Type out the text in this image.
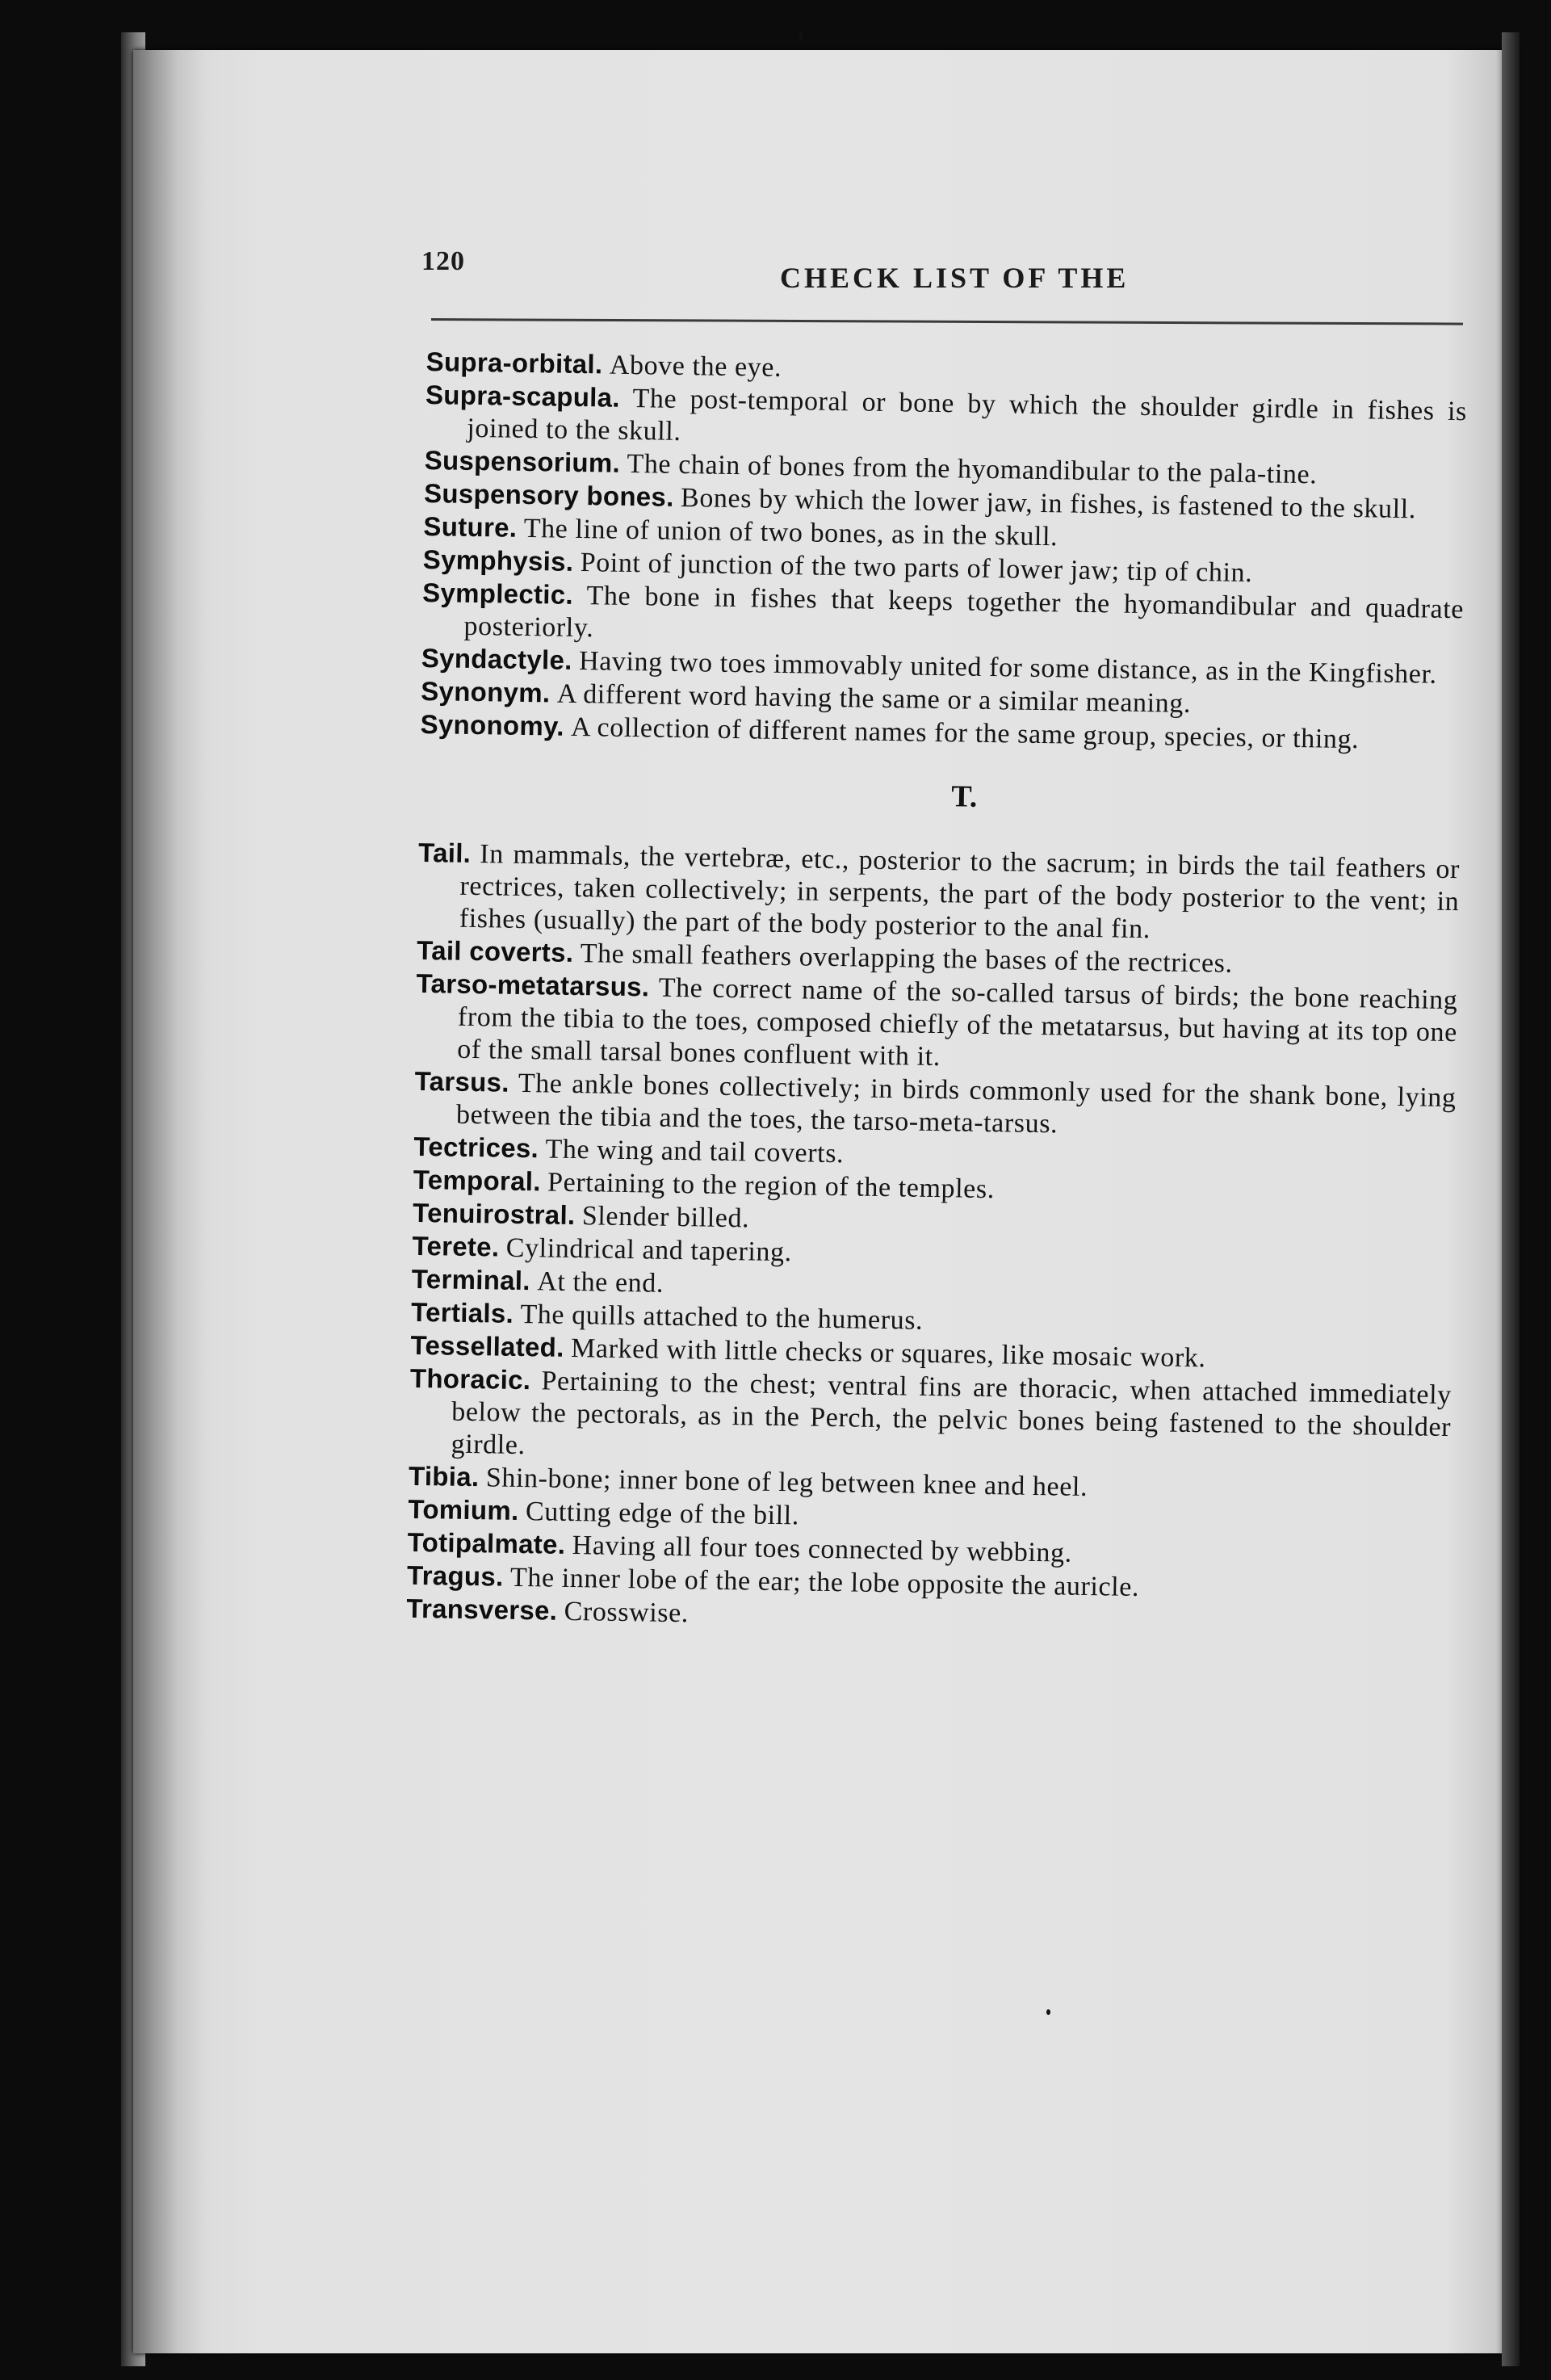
120
CHECK LIST OF THE

Supra-orbital. Above the eye.

Supra-scapula. The post-temporal or bone by which the shoulder girdle in fishes is joined to the skull.

Suspensorium. The chain of bones from the hyomandibular to the pala-tine.

Suspensory bones. Bones by which the lower jaw, in fishes, is fastened to the skull.

Suture. The line of union of two bones, as in the skull.

Symphysis. Point of junction of the two parts of lower jaw; tip of chin.

Symplectic. The bone in fishes that keeps together the hyomandibular and quadrate posteriorly.

Syndactyle. Having two toes immovably united for some distance, as in the Kingfisher.

Synonym. A different word having the same or a similar meaning.

Synonomy. A collection of different names for the same group, species, or thing.

T.

Tail. In mammals, the vertebræ, etc., posterior to the sacrum; in birds the tail feathers or rectrices, taken collectively; in serpents, the part of the body posterior to the vent; in fishes (usually) the part of the body posterior to the anal fin.

Tail coverts. The small feathers overlapping the bases of the rectrices.

Tarso-metatarsus. The correct name of the so-called tarsus of birds; the bone reaching from the tibia to the toes, composed chiefly of the metatarsus, but having at its top one of the small tarsal bones confluent with it.

Tarsus. The ankle bones collectively; in birds commonly used for the shank bone, lying between the tibia and the toes, the tarso-meta-tarsus.

Tectrices. The wing and tail coverts.

Temporal. Pertaining to the region of the temples.

Tenuirostral. Slender billed.

Terete. Cylindrical and tapering.

Terminal. At the end.

Tertials. The quills attached to the humerus.

Tessellated. Marked with little checks or squares, like mosaic work.

Thoracic. Pertaining to the chest; ventral fins are thoracic, when attached immediately below the pectorals, as in the Perch, the pelvic bones being fastened to the shoulder girdle.

Tibia. Shin-bone; inner bone of leg between knee and heel.

Tomium. Cutting edge of the bill.

Totipalmate. Having all four toes connected by webbing.

Tragus. The inner lobe of the ear; the lobe opposite the auricle.

Transverse. Crosswise.
